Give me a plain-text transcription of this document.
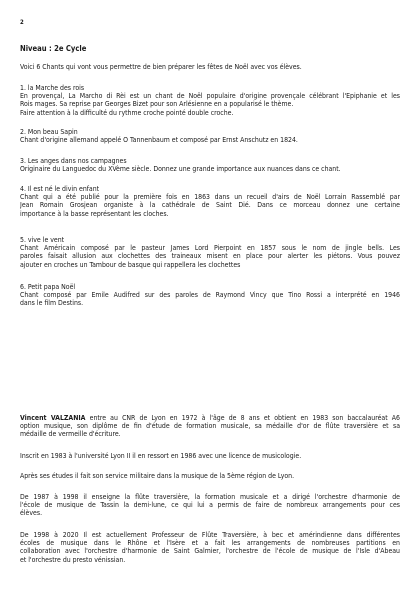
2
Niveau : 2e Cycle

Voici 6 Chants qui vont vous permettre de bien préparer les fêtes de Noël avec vos élèves.

1. la Marche des rois
En provençal, La Marcho di Rèi est un chant de Noël populaire d'origine provençale célébrant l'Epiphanie et les
Rois mages. Sa reprise par Georges Bizet pour son Arlésienne en a popularisé le thème.
Faire attention à la difficulté du rythme croche pointé double croche.

2. Mon beau Sapin
Chant d'origine allemand appelé O Tannenbaum et composé par Ernst Anschutz en 1824.

3. Les anges dans nos campagnes
Originaire du Languedoc du XVème siècle. Donnez une grande importance aux nuances dans ce chant.

4. Il est né le divin enfant
Chant qui a été publié pour la première fois en 1863 dans un recueil d'airs de Noël Lorrain Rassemblé par
Jean Romain Grosjean organiste à la cathédrale de Saint Dié. Dans ce morceau donnez une certaine
importance à la basse représentant les cloches.

5. vive le vent
Chant Américain composé par le pasteur James Lord Pierpoint en 1857 sous le nom de jingle bells. Les
paroles faisait allusion aux clochettes des traineaux misent en place pour alerter les piétons. Vous pouvez
ajouter en croches un Tambour de basque qui rappellera les clochettes

6. Petit papa Noël
Chant composé par Emile Audifred sur des paroles de Raymond Vincy que Tino Rossi a interprété en 1946
dans le film Destins.

Vincent VALZANIA entre au CNR de Lyon en 1972 à l'âge de 8 ans et obtient en 1983 son baccalauréat A6
option musique, son diplôme de fin d'étude de formation musicale, sa médaille d'or de flûte traversière et sa
médaille de vermeille d'écriture.

Inscrit en 1983 à l'université Lyon II il en ressort en 1986 avec une licence de musicologie.

Après ses études il fait son service militaire dans la musique de la 5ème région de Lyon.

De 1987 à 1998 il enseigne la flûte traversière, la formation musicale et a dirigé l'orchestre d'harmonie de
l'école de musique de Tassin la demi-lune, ce qui lui a permis de faire de nombreux arrangements pour ces
élèves.

De 1998 à 2020 Il est actuellement Professeur de Flûte Traversière, à bec et amérindienne dans différentes
écoles de musique dans le Rhône et l'Isère et a fait les arrangements de nombreuses partitions en
collaboration avec l'orchestre d'harmonie de Saint Galmier, l'orchestre de l'école de musique de l'Isle d'Abeau
et l'orchestre du presto vénissian.
